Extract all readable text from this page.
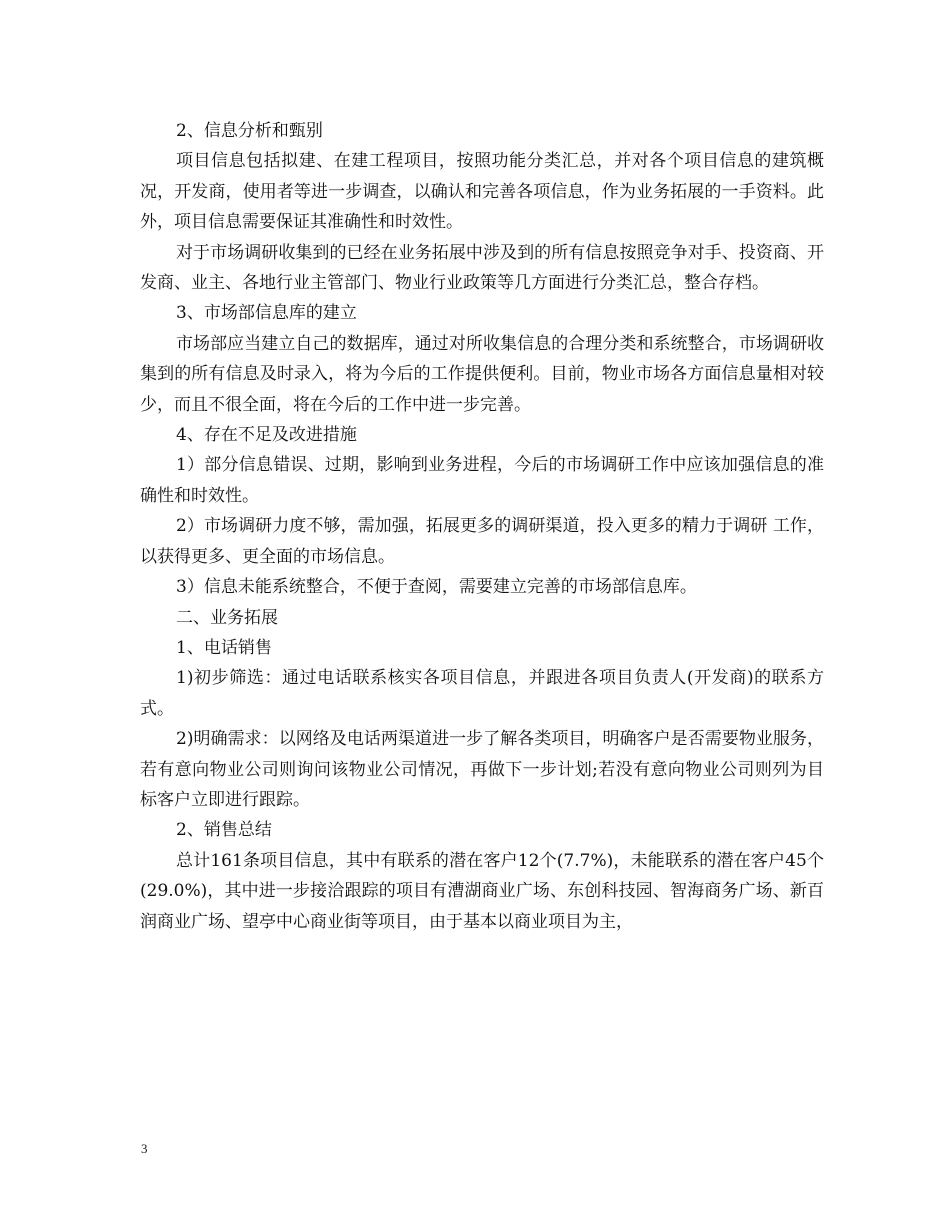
2、信息分析和甄别

项目信息包括拟建、在建工程项目，按照功能分类汇总，并对各个项目信息的建筑概况，开发商，使用者等进一步调查，以确认和完善各项信息，作为业务拓展的一手资料。此外，项目信息需要保证其准确性和时效性。

对于市场调研收集到的已经在业务拓展中涉及到的所有信息按照竞争对手、投资商、开发商、业主、各地行业主管部门、物业行业政策等几方面进行分类汇总，整合存档。

3、市场部信息库的建立

市场部应当建立自己的数据库，通过对所收集信息的合理分类和系统整合，市场调研收集到的所有信息及时录入，将为今后的工作提供便利。目前，物业市场各方面信息量相对较少，而且不很全面，将在今后的工作中进一步完善。

4、存在不足及改进措施

1）部分信息错误、过期，影响到业务进程，今后的市场调研工作中应该加强信息的准确性和时效性。

2）市场调研力度不够，需加强，拓展更多的调研渠道，投入更多的精力于调研 工作，以获得更多、更全面的市场信息。

3）信息未能系统整合，不便于查阅，需要建立完善的市场部信息库。

二、业务拓展

1、电话销售

1)初步筛选：通过电话联系核实各项目信息，并跟进各项目负责人(开发商)的联系方式。

2)明确需求：以网络及电话两渠道进一步了解各类项目，明确客户是否需要物业服务，若有意向物业公司则询问该物业公司情况，再做下一步计划;若没有意向物业公司则列为目标客户立即进行跟踪。

2、销售总结

总计161条项目信息，其中有联系的潜在客户12个(7.7%)，未能联系的潜在客户45个(29.0%)，其中进一步接洽跟踪的项目有漕湖商业广场、东创科技园、智海商务广场、新百润商业广场、望亭中心商业街等项目，由于基本以商业项目为主，

3
